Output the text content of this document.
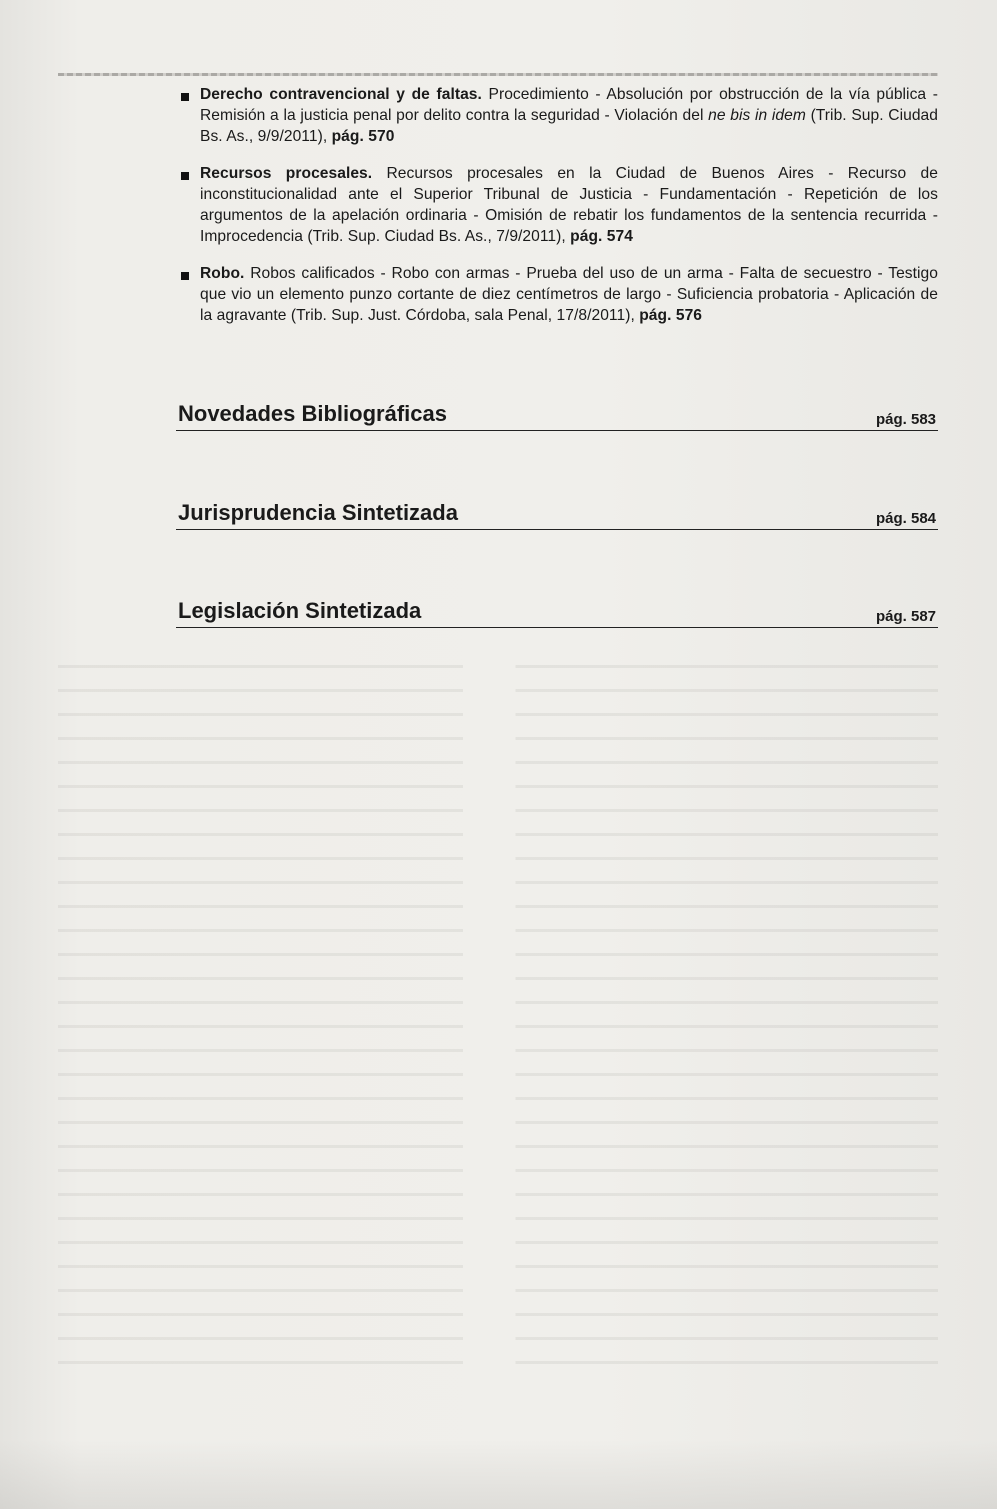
Derecho contravencional y de faltas. Procedimiento - Absolución por obstrucción de la vía pública - Remisión a la justicia penal por delito contra la seguridad - Violación del ne bis in idem (Trib. Sup. Ciudad Bs. As., 9/9/2011), pág. 570
Recursos procesales. Recursos procesales en la Ciudad de Buenos Aires - Recurso de inconstitucionalidad ante el Superior Tribunal de Justicia - Fundamentación - Repetición de los argumentos de la apelación ordinaria - Omisión de rebatir los fundamentos de la sentencia recurrida - Improcedencia (Trib. Sup. Ciudad Bs. As., 7/9/2011), pág. 574
Robo. Robos calificados - Robo con armas - Prueba del uso de un arma - Falta de secuestro - Testigo que vio un elemento punzo cortante de diez centímetros de largo - Suficiencia probatoria - Aplicación de la agravante (Trib. Sup. Just. Córdoba, sala Penal, 17/8/2011), pág. 576
Novedades Bibliográficas	pág. 583
Jurisprudencia Sintetizada	pág. 584
Legislación Sintetizada	pág. 587
